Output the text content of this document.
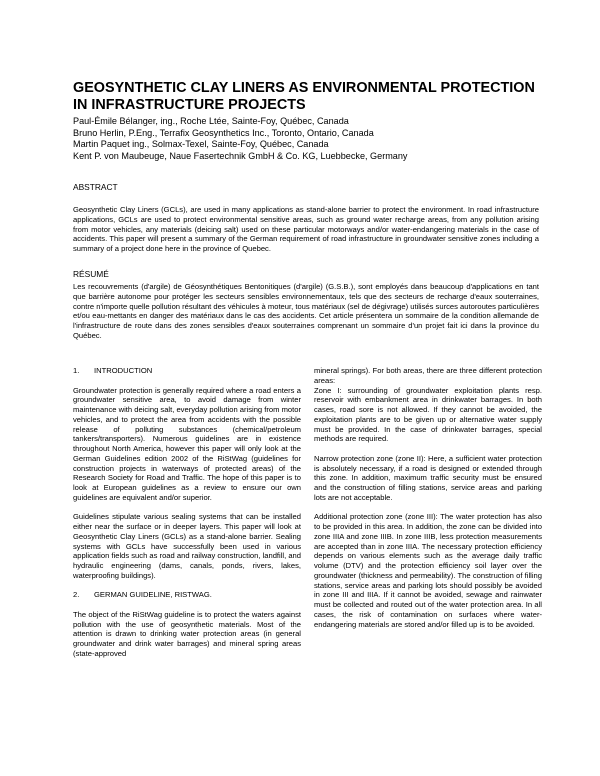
GEOSYNTHETIC CLAY LINERS AS ENVIRONMENTAL PROTECTION IN INFRASTRUCTURE PROJECTS
Paul-Émile Bélanger, ing., Roche Ltée, Sainte-Foy, Québec, Canada
Bruno Herlin, P.Eng., Terrafix Geosynthetics Inc., Toronto, Ontario, Canada
Martin Paquet ing., Solmax-Texel, Sainte-Foy, Québec, Canada
Kent P. von Maubeuge, Naue Fasertechnik GmbH & Co. KG, Luebbecke, Germany
ABSTRACT

Geosynthetic Clay Liners (GCLs), are used in many applications as stand-alone barrier to protect the environment. In road infrastructure applications, GCLs are used to protect environmental sensitive areas, such as ground water recharge areas, from any pollution arising from motor vehicles, any materials (deicing salt) used on these particular motorways and/or water-endangering materials in the case of accidents. This paper will present a summary of the German requirement of road infrastructure in groundwater sensitive zones including a summary of a project done here in the province of Quebec.

RÉSUMÉ

Les recouvrements (d'argile) de Géosynthétiques Bentonitiques (d'argile) (G.S.B.), sont employés dans beaucoup d'applications en tant que barrière autonome pour protéger les secteurs sensibles environnementaux, tels que des secteurs de recharge d'eaux souterraines, contre n'importe quelle pollution résultant des véhicules à moteur, tous matériaux (sel de dégivrage) utilisés surces autoroutes particulières et/ou eau-mettants en danger des matériaux dans le cas des accidents. Cet article présentera un sommaire de la condition allemande de l'infrastructure de route dans des zones sensibles d'eaux souterraines comprenant un sommaire d'un projet fait ici dans la province du Québec.

1. INTRODUCTION

Groundwater protection is generally required where a road enters a groundwater sensitive area, to avoid damage from winter maintenance with deicing salt, everyday pollution arising from motor vehicles, and to protect the area from accidents with the possible release of polluting substances (chemical/petroleum tankers/transporters). Numerous guidelines are in existence throughout North America, however this paper will only look at the German Guidelines edition 2002 of the RiStWag (guidelines for construction projects in waterways of protected areas) of the Research Society for Road and Traffic. The hope of this paper is to look at European guidelines as a review to ensure our own guidelines are equivalent and/or superior.

Guidelines stipulate various sealing systems that can be installed either near the surface or in deeper layers. This paper will look at Geosynthetic Clay Liners (GCLs) as a stand-alone barrier. Sealing systems with GCLs have successfully been used in various application fields such as road and railway construction, landfill, and hydraulic engineering (dams, canals, ponds, rivers, lakes, waterproofing buildings).

2. GERMAN GUIDELINE, RISTWAG.

The object of the RiStWag guideline is to protect the waters against pollution with the use of geosynthetic materials. Most of the attention is drawn to drinking water protection areas (in general groundwater and drink water barrages) and mineral spring areas (state-approved

mineral springs). For both areas, there are three different protection areas:

Zone I: surrounding of groundwater exploitation plants resp. reservoir with embankment area in drinkwater barrages. In both cases, road sore is not allowed. If they cannot be avoided, the exploitation plants are to be given up or alternative water supply must be provided. In the case of drinkwater barrages, special methods are required.

Narrow protection zone (zone II): Here, a sufficient water protection is absolutely necessary, if a road is designed or extended through this zone. In addition, maximum traffic security must be ensured and the construction of filling stations, service areas and parking lots are not acceptable.

Additional protection zone (zone III): The water protection has also to be provided in this area. In addition, the zone can be divided into zone IIIA and zone IIIB. In zone IIIB, less protection measurements are accepted than in zone IIIA. The necessary protection efficiency depends on various elements such as the average daily traffic volume (DTV) and the protection efficiency soil layer over the groundwater (thickness and permeability). The construction of filling stations, service areas and parking lots should possibly be avoided in zone III and IIIA. If it cannot be avoided, sewage and rainwater must be collected and routed out of the water protection area. In all cases, the risk of contamination on surfaces where water-endangering materials are stored and/or filled up is to be avoided.
